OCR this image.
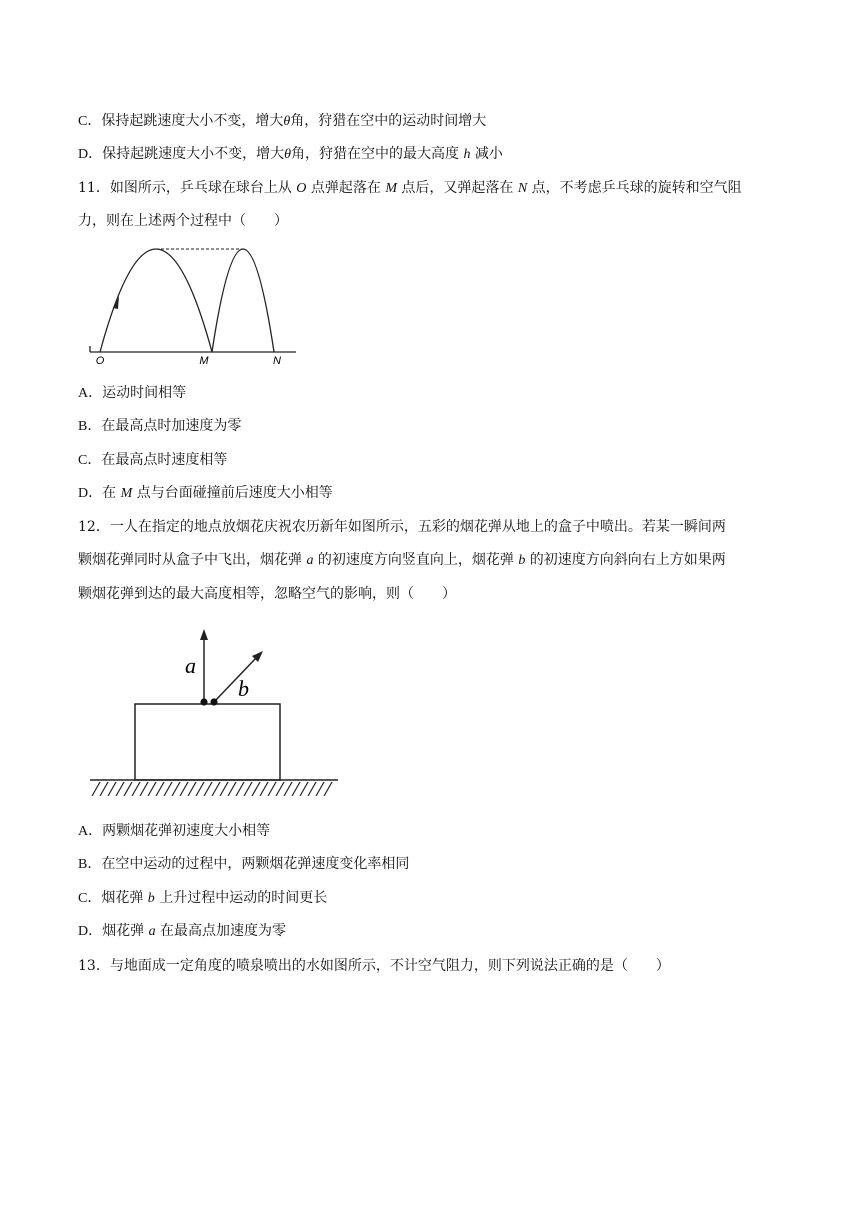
C．保持起跳速度大小不变，增大θ角，狩猎在空中的运动时间增大
D．保持起跳速度大小不变，增大θ角，狩猎在空中的最大高度 h 减小
11．如图所示，乒乓球在球台上从 O 点弹起落在 M 点后，又弹起落在 N 点，不考虑乒乓球的旋转和空气阻
力，则在上述两个过程中（　　）
O	M	N
A．运动时间相等
B．在最高点时加速度为零
C．在最高点时速度相等
D．在 M 点与台面碰撞前后速度大小相等
12．一人在指定的地点放烟花庆祝农历新年如图所示，五彩的烟花弹从地上的盒子中喷出。若某一瞬间两
颗烟花弹同时从盒子中飞出，烟花弹 a 的初速度方向竖直向上，烟花弹 b 的初速度方向斜向右上方如果两
颗烟花弹到达的最大高度相等，忽略空气的影响，则（　　）
a
b
A．两颗烟花弹初速度大小相等
B．在空中运动的过程中，两颗烟花弹速度变化率相同
C．烟花弹 b 上升过程中运动的时间更长
D．烟花弹 a 在最高点加速度为零
13．与地面成一定角度的喷泉喷出的水如图所示，不计空气阻力，则下列说法正确的是（　　）
